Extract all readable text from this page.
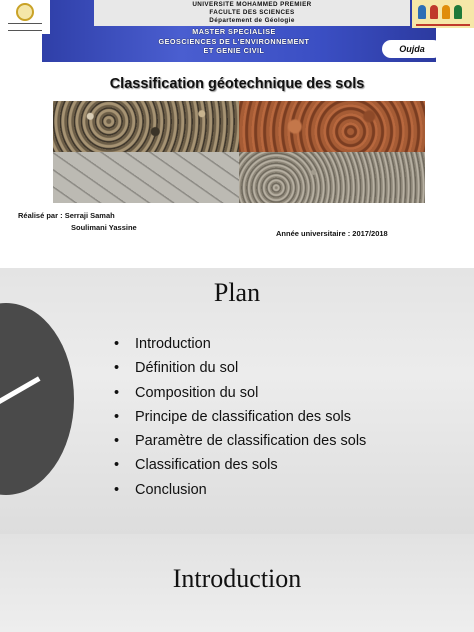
UNIVERSITE MOHAMMED PREMIER
FACULTE DES SCIENCES
Département de Géologie
MASTER SPECIALISE
GEOSCIENCES DE L'ENVIRONNEMENT
ET GENIE CIVIL	Oujda
Classification géotechnique des sols
Réalisé par : Serraji Samah
Soulimani Yassine
Année universitaire : 2017/2018
Plan
• Introduction
• Définition du sol
• Composition du sol
• Principe de classification des sols
• Paramètre de classification des sols
• Classification des sols
• Conclusion
Introduction
